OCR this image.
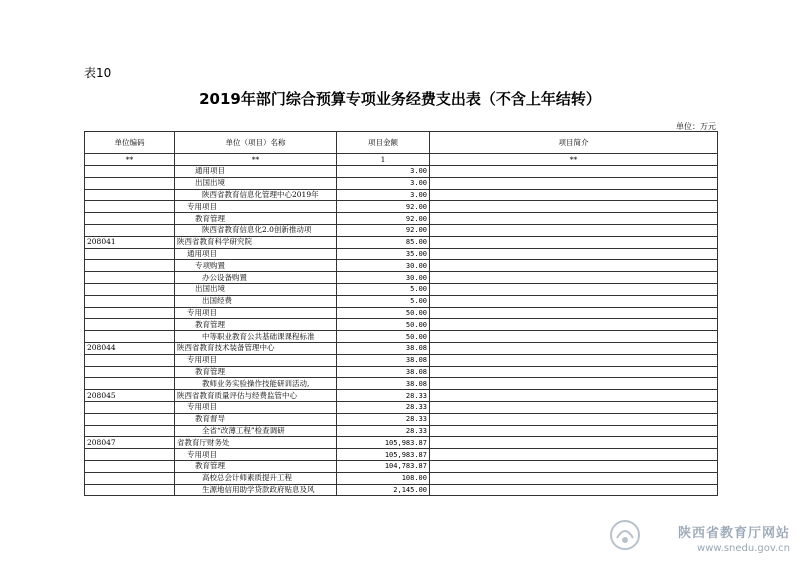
表10
2019年部门综合预算专项业务经费支出表（不含上年结转）
单位：万元
单位编码	单位（项目）名称	项目金额	项目简介
**	**	1	**
	通用项目	3.00	
	出国出境	3.00	
	陕西省教育信息化管理中心2019年	3.00	
	专用项目	92.00	
	教育管理	92.00	
	陕西省教育信息化2.0创新推动项	92.00	
208041	陕西省教育科学研究院	85.00	
	通用项目	35.00	
	专项购置	30.00	
	办公设备购置	30.00	
	出国出境	5.00	
	出国经费	5.00	
	专用项目	50.00	
	教育管理	50.00	
	中等职业教育公共基础课课程标准	50.00	
208044	陕西省教育技术装备管理中心	38.08	
	专用项目	38.08	
	教育管理	38.08	
	教师业务实验操作技能研训活动,	38.08	
208045	陕西省教育质量评估与经费监管中心	28.33	
	专用项目	28.33	
	教育督导	28.33	
	全省“改薄工程”检查调研	28.33	
208047	省教育厅财务处	105,983.87	
	专用项目	105,983.87	
	教育管理	104,783.87	
	高校总会计师素质提升工程	108.00	
	生源地信用助学贷款政府贴息及风	2,145.00	
陕西省教育厅网站
www.snedu.gov.cn
